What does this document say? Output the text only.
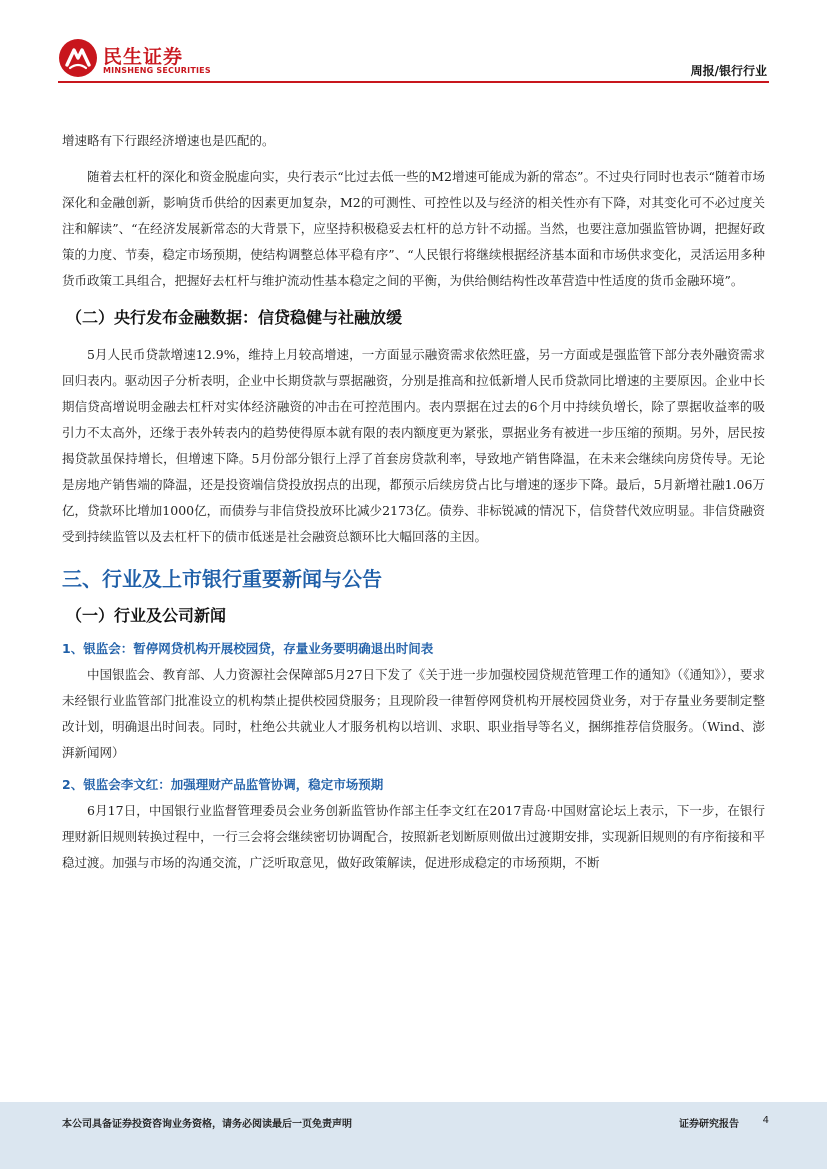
民生证券
MINSHENG SECURITIES	周报/银行行业

增速略有下行跟经济增速也是匹配的。

随着去杠杆的深化和资金脱虚向实，央行表示“比过去低一些的M2增速可能成为新的常态”。不过央行同时也表示“随着市场深化和金融创新，影响货币供给的因素更加复杂，M2的可测性、可控性以及与经济的相关性亦有下降，对其变化可不必过度关注和解读”、“在经济发展新常态的大背景下，应坚持积极稳妥去杠杆的总方针不动摇。当然，也要注意加强监管协调，把握好政策的力度、节奏，稳定市场预期，使结构调整总体平稳有序”、“人民银行将继续根据经济基本面和市场供求变化，灵活运用多种货币政策工具组合，把握好去杠杆与维护流动性基本稳定之间的平衡，为供给侧结构性改革营造中性适度的货币金融环境”。

（二）央行发布金融数据：信贷稳健与社融放缓

5月人民币贷款增速12.9%，维持上月较高增速，一方面显示融资需求依然旺盛，另一方面或是强监管下部分表外融资需求回归表内。驱动因子分析表明，企业中长期贷款与票据融资，分别是推高和拉低新增人民币贷款同比增速的主要原因。企业中长期信贷高增说明金融去杠杆对实体经济融资的冲击在可控范围内。表内票据在过去的6个月中持续负增长，除了票据收益率的吸引力不太高外，还缘于表外转表内的趋势使得原本就有限的表内额度更为紧张，票据业务有被进一步压缩的预期。另外，居民按揭贷款虽保持增长，但增速下降。5月份部分银行上浮了首套房贷款利率，导致地产销售降温，在未来会继续向房贷传导。无论是房地产销售端的降温，还是投资端信贷投放拐点的出现，都预示后续房贷占比与增速的逐步下降。最后，5月新增社融1.06万亿，贷款环比增加1000亿，而债券与非信贷投放环比减少2173亿。债券、非标锐减的情况下，信贷替代效应明显。非信贷融资受到持续监管以及去杠杆下的债市低迷是社会融资总额环比大幅回落的主因。

三、行业及上市银行重要新闻与公告
（一）行业及公司新闻
1、银监会：暂停网贷机构开展校园贷，存量业务要明确退出时间表

中国银监会、教育部、人力资源社会保障部5月27日下发了《关于进一步加强校园贷规范管理工作的通知》（《通知》），要求未经银行业监管部门批准设立的机构禁止提供校园贷服务；且现阶段一律暂停网贷机构开展校园贷业务，对于存量业务要制定整改计划，明确退出时间表。同时，杜绝公共就业人才服务机构以培训、求职、职业指导等名义，捆绑推荐信贷服务。（Wind、澎湃新闻网）

2、银监会李文红：加强理财产品监管协调，稳定市场预期

6月17日，中国银行业监督管理委员会业务创新监管协作部主任李文红在2017青岛·中国财富论坛上表示，下一步，在银行理财新旧规则转换过程中，一行三会将会继续密切协调配合，按照新老划断原则做出过渡期安排，实现新旧规则的有序衔接和平稳过渡。加强与市场的沟通交流，广泛听取意见，做好政策解读，促进形成稳定的市场预期，不断

本公司具备证券投资咨询业务资格，请务必阅读最后一页免责声明	证券研究报告 4
